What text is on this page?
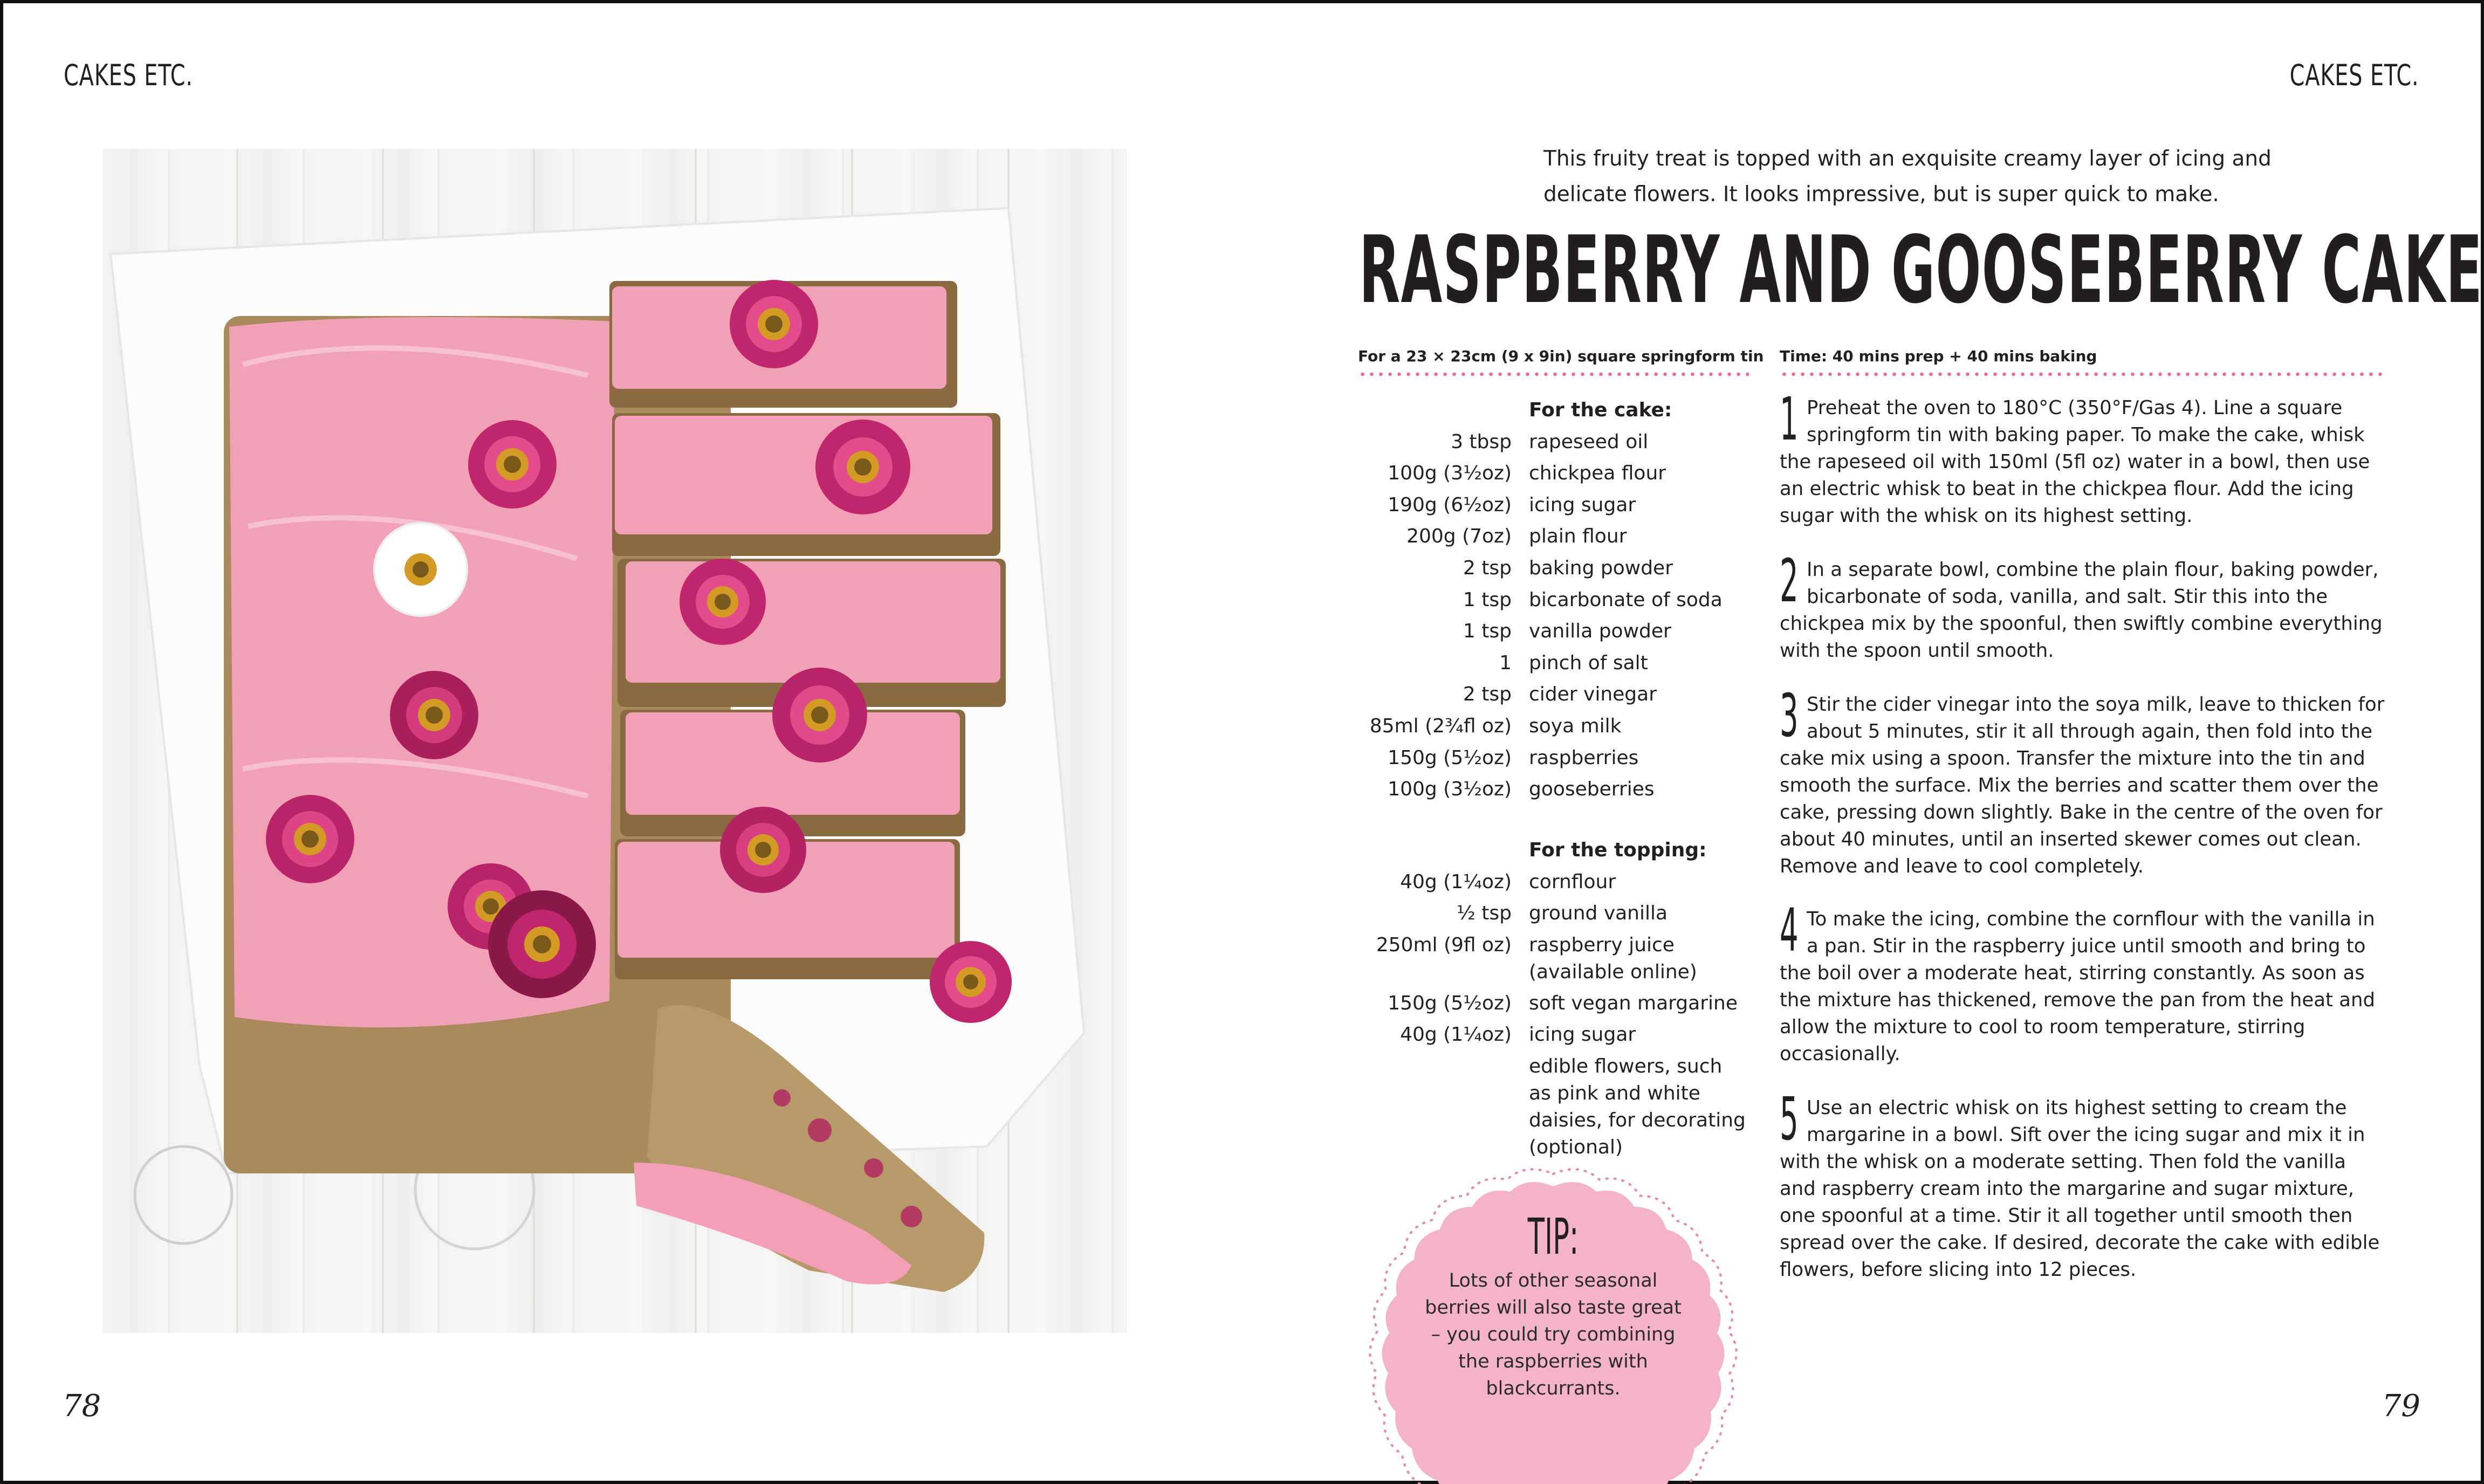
CAKES ETC.
78
CAKES ETC.
79
This fruity treat is topped with an exquisite creamy layer of icing and delicate flowers. It looks impressive, but is super quick to make.
RASPBERRY AND GOOSEBERRY CAKE
For a 23 × 23cm (9 x 9in) square springform tin Time: 40 mins prep + 40 mins baking
For the cake:
3 tbsp rapeseed oil
100g (3½oz) chickpea flour
190g (6½oz) icing sugar
200g (7oz) plain flour
2 tsp baking powder
1 tsp bicarbonate of soda
1 tsp vanilla powder
1 pinch of salt
2 tsp cider vinegar
85ml (2¾fl oz) soya milk
150g (5½oz) raspberries
100g (3½oz) gooseberries
For the topping:
40g (1¼oz) cornflour
½ tsp ground vanilla
250ml (9fl oz) raspberry juice (available online)
150g (5½oz) soft vegan margarine
40g (1¼oz) icing sugar
edible flowers, such as pink and white daisies, for decorating (optional)
1 Preheat the oven to 180°C (350°F/Gas 4). Line a square springform tin with baking paper. To make the cake, whisk the rapeseed oil with 150ml (5fl oz) water in a bowl, then use an electric whisk to beat in the chickpea flour. Add the icing sugar with the whisk on its highest setting.
2 In a separate bowl, combine the plain flour, baking powder, bicarbonate of soda, vanilla, and salt. Stir this into the chickpea mix by the spoonful, then swiftly combine everything with the spoon until smooth.
3 Stir the cider vinegar into the soya milk, leave to thicken for about 5 minutes, stir it all through again, then fold into the cake mix using a spoon. Transfer the mixture into the tin and smooth the surface. Mix the berries and scatter them over the cake, pressing down slightly. Bake in the centre of the oven for about 40 minutes, until an inserted skewer comes out clean. Remove and leave to cool completely.
4 To make the icing, combine the cornflour with the vanilla in a pan. Stir in the raspberry juice until smooth and bring to the boil over a moderate heat, stirring constantly. As soon as the mixture has thickened, remove the pan from the heat and allow the mixture to cool to room temperature, stirring occasionally.
5 Use an electric whisk on its highest setting to cream the margarine in a bowl. Sift over the icing sugar and mix it in with the whisk on a moderate setting. Then fold the vanilla and raspberry cream into the margarine and sugar mixture, one spoonful at a time. Stir it all together until smooth then spread over the cake. If desired, decorate the cake with edible flowers, before slicing into 12 pieces.
TIP:
Lots of other seasonal berries will also taste great – you could try combining the raspberries with blackcurrants.
